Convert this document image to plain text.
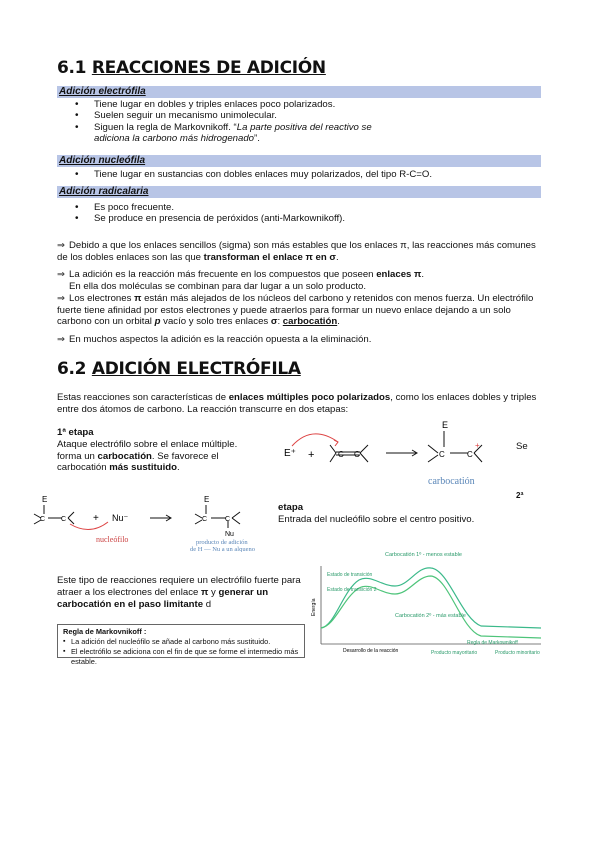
6.1 REACCIONES DE ADICIÓN
Adición electrófila
• Tiene lugar en dobles y triples enlaces poco polarizados.
• Suelen seguir un mecanismo unimolecular.
• Siguen la regla de Markovnikoff. “La parte positiva del reactivo se adiciona la carbono más hidrogenado”.
Adición nucleófila
• Tiene lugar en sustancias con dobles enlaces muy polarizados, del tipo R-C=O.
Adición radicalaria
• Es poco frecuente.
• Se produce en presencia de peróxidos (anti-Markownikoff).
⇒ Debido a que los enlaces sencillos (sigma) son más estables que los enlaces π, las reacciones más comunes de los dobles enlaces son las que transforman el enlace π en σ.
⇒ La adición es la reacción más frecuente en los compuestos que poseen enlaces π.
En ella dos moléculas se combinan para dar lugar a un solo producto.
⇒ Los electrones π están más alejados de los núcleos del carbono y retenidos con menos fuerza. Un electrófilo fuerte tiene afinidad por estos electrones y puede atraerlos para formar un nuevo enlace dejando a un solo carbono con un orbital p vacío y solo tres enlaces σ: carbocatión.
⇒ En muchos aspectos la adición es la reacción opuesta a la eliminación.
6.2 ADICIÓN ELECTRÓFILA
Estas reacciones son características de enlaces múltiples poco polarizados, como los enlaces dobles y triples entre dos átomos de carbono. La reacción transcurre en dos etapas:
1ª etapa
Ataque electrófilo sobre el enlace múltiple.
forma un carbocatión. Se favorece el
carbocatión más sustituido.
E⁺ +	C C
E
C	C
+
carbocatión
Se
2ª
E
C C	+ Nu⁻
nucleófilo
E
C	C
Nu
producto de adición
de H — Nu a un alqueno
etapa
Entrada del nucleófilo sobre el centro positivo.
Este tipo de reacciones requiere un electrófilo fuerte para atraer a los electrones del enlace π y generar un carbocatión en el paso limitante d
Regla de Markovnikoff :
▪ La adición del nucleófilo se añade al carbono más sustituido.
▪ El electrófilo se adiciona con el fin de que se forme el intermedio más estable.
Carbocatión 1º - menos estable
Estado de transición
Estado de transición 2
Carbocatión 2º - más estable
Producto mayoritario	Producto minoritario
Energía
Desarrollo de la reacción
Regla de Markownikoff
